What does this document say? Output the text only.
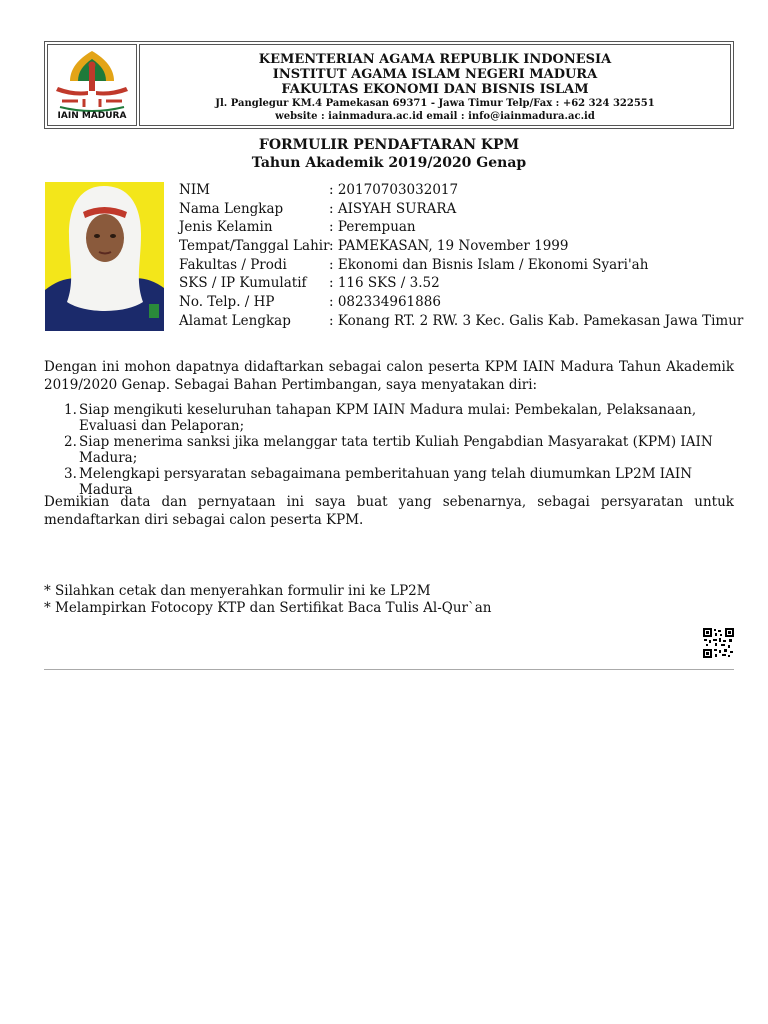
IAIN MADURA
KEMENTERIAN AGAMA REPUBLIK INDONESIA
INSTITUT AGAMA ISLAM NEGERI MADURA
FAKULTAS EKONOMI DAN BISNIS ISLAM
Jl. Panglegur KM.4 Pamekasan 69371 - Jawa Timur Telp/Fax : +62 324 322551
website : iainmadura.ac.id email : info@iainmadura.ac.id
FORMULIR PENDAFTARAN KPM
Tahun Akademik 2019/2020 Genap
NIM	: 20170703032017
Nama Lengkap	: AISYAH SURARA
Jenis Kelamin	: Perempuan
Tempat/Tanggal Lahir : PAMEKASAN, 19 November 1999
Fakultas / Prodi	: Ekonomi dan Bisnis Islam / Ekonomi Syari'ah
SKS / IP Kumulatif : 116 SKS / 3.52
No. Telp. / HP	: 082334961886
Alamat Lengkap	: Konang RT. 2 RW. 3 Kec. Galis Kab. Pamekasan Jawa Timur
Dengan ini mohon dapatnya didaftarkan sebagai calon peserta KPM IAIN Madura Tahun Akademik 2019/2020 Genap. Sebagai Bahan Pertimbangan, saya menyatakan diri:
1. Siap mengikuti keseluruhan tahapan KPM IAIN Madura mulai: Pembekalan, Pelaksanaan, Evaluasi dan Pelaporan;
2. Siap menerima sanksi jika melanggar tata tertib Kuliah Pengabdian Masyarakat (KPM) IAIN Madura;
3. Melengkapi persyaratan sebagaimana pemberitahuan yang telah diumumkan LP2M IAIN Madura
Demikian data dan pernyataan ini saya buat yang sebenarnya, sebagai persyaratan untuk mendaftarkan diri sebagai calon peserta KPM.
* Silahkan cetak dan menyerahkan formulir ini ke LP2M
* Melampirkan Fotocopy KTP dan Sertifikat Baca Tulis Al-Qur`an
